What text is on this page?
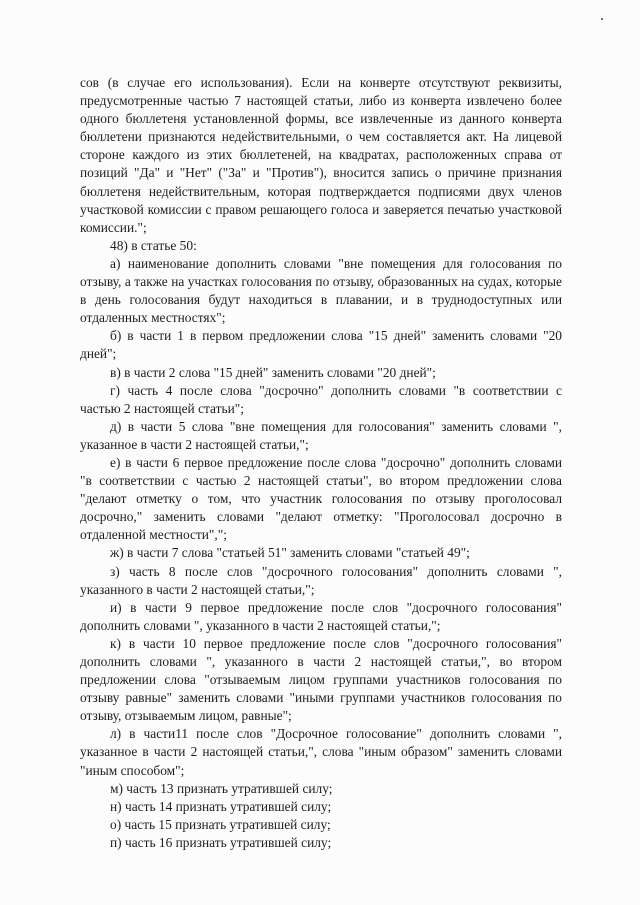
сов (в случае его использования). Если на конверте отсутствуют реквизиты, предусмотренные частью 7 настоящей статьи, либо из конверта извлечено более одного бюллетеня установленной формы, все извлеченные из данного конверта бюллетени признаются недействительными, о чем составляется акт. На лицевой стороне каждого из этих бюллетеней, на квадратах, расположенных справа от позиций "Да" и "Нет" ("За" и "Против"), вносится запись о причине признания бюллетеня недействительным, которая подтверждается подписями двух членов участковой комиссии с правом решающего голоса и заверяется печатью участковой комиссии.";

48) в статье 50:

а) наименование дополнить словами "вне помещения для голосования по отзыву, а также на участках голосования по отзыву, образованных на судах, которые в день голосования будут находиться в плавании, и в труднодоступных или отдаленных местностях";

б) в части 1 в первом предложении слова "15 дней" заменить словами "20 дней";

в) в части 2 слова "15 дней" заменить словами "20 дней";

г) часть 4 после слова "досрочно" дополнить словами "в соответствии с частью 2 настоящей статьи";

д) в части 5 слова "вне помещения для голосования" заменить словами ", указанное в части 2 настоящей статьи,";

е) в части 6 первое предложение после слова "досрочно" дополнить словами "в соответствии с частью 2 настоящей статьи", во втором предложении слова "делают отметку о том, что участник голосования по отзыву проголосовал досрочно," заменить словами "делают отметку: "Проголосовал досрочно в отдаленной местности",";

ж) в части 7 слова "статьей 51" заменить словами "статьей 49";

з) часть 8 после слов "досрочного голосования" дополнить словами ", указанного в части 2 настоящей статьи,";

и) в части 9 первое предложение после слов "досрочного голосования" дополнить словами ", указанного в части 2 настоящей статьи,";

к) в части 10 первое предложение после слов "досрочного голосования" дополнить словами ", указанного в части 2 настоящей статьи,", во втором предложении слова "отзываемым лицом группами участников голосования по отзыву равные" заменить словами "иными группами участников голосования по отзыву, отзываемым лицом, равные";

л) в части11 после слов "Досрочное голосование" дополнить словами ", указанное в части 2 настоящей статьи,", слова "иным образом" заменить словами "иным способом";

м) часть 13 признать утратившей силу;

н) часть 14 признать утратившей силу;

о) часть 15 признать утратившей силу;

п) часть 16 признать утратившей силу;
